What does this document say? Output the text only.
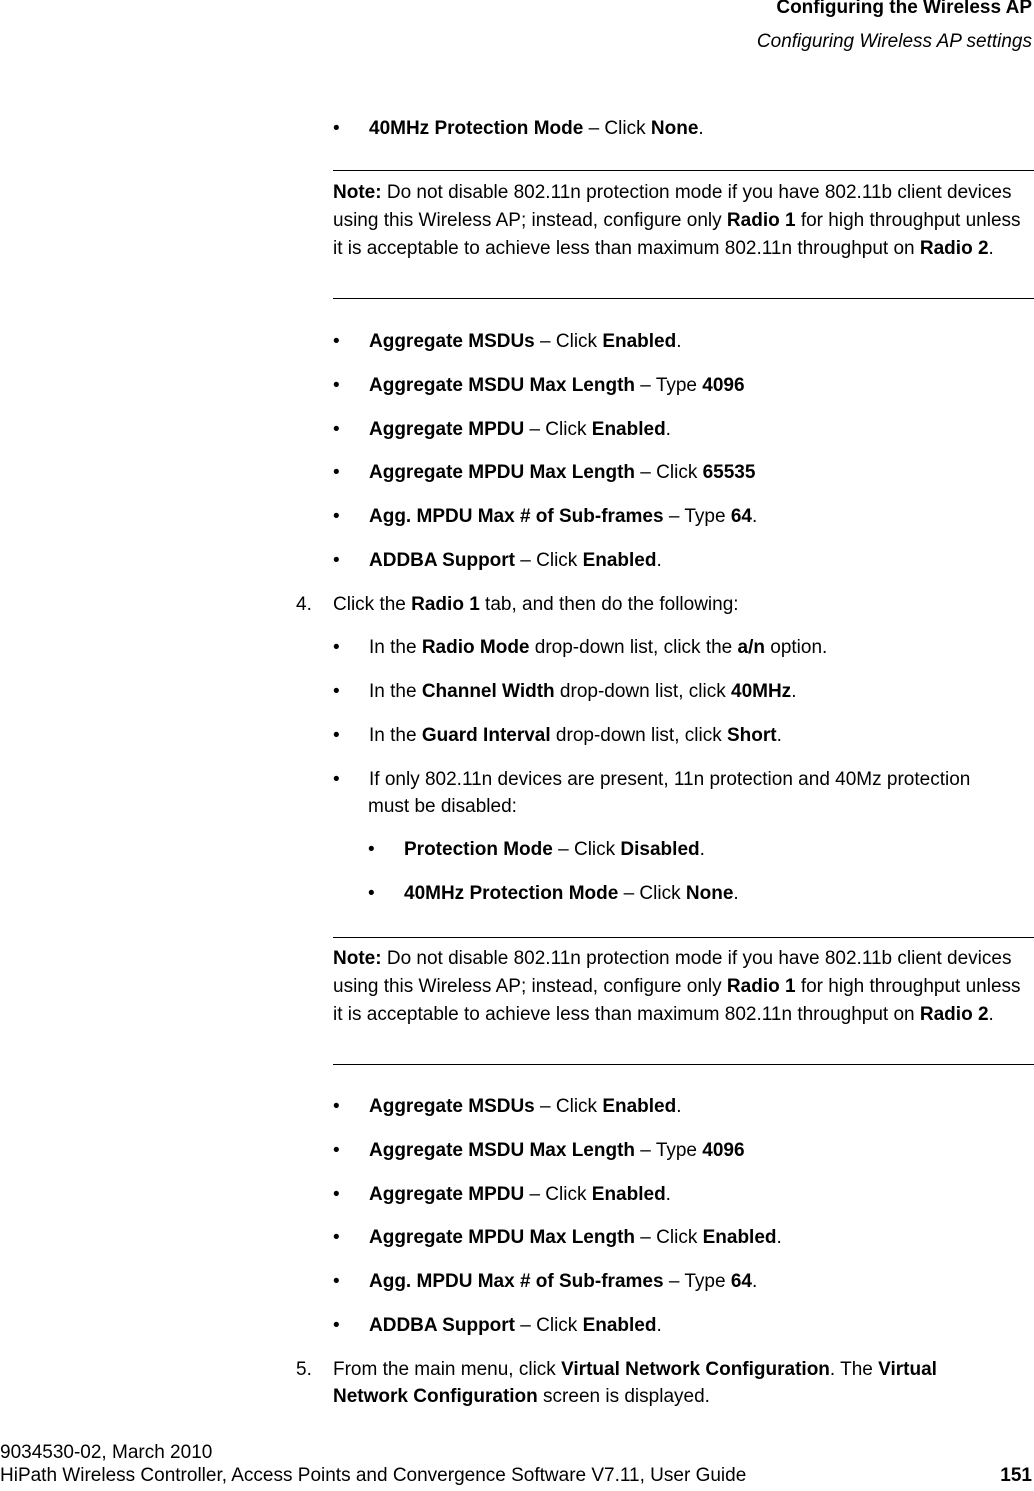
Configuring the Wireless AP
Configuring Wireless AP settings
• 40MHz Protection Mode – Click None.
Note: Do not disable 802.11n protection mode if you have 802.11b client devices using this Wireless AP; instead, configure only Radio 1 for high throughput unless it is acceptable to achieve less than maximum 802.11n throughput on Radio 2.
• Aggregate MSDUs – Click Enabled.
• Aggregate MSDU Max Length – Type 4096
• Aggregate MPDU – Click Enabled.
• Aggregate MPDU Max Length – Click 65535
• Agg. MPDU Max # of Sub-frames – Type 64.
• ADDBA Support – Click Enabled.
4. Click the Radio 1 tab, and then do the following:
• In the Radio Mode drop-down list, click the a/n option.
• In the Channel Width drop-down list, click 40MHz.
• In the Guard Interval drop-down list, click Short.
• If only 802.11n devices are present, 11n protection and 40Mz protection
must be disabled:
• Protection Mode – Click Disabled.
• 40MHz Protection Mode – Click None.
Note: Do not disable 802.11n protection mode if you have 802.11b client devices using this Wireless AP; instead, configure only Radio 1 for high throughput unless it is acceptable to achieve less than maximum 802.11n throughput on Radio 2.
• Aggregate MSDUs – Click Enabled.
• Aggregate MSDU Max Length – Type 4096
• Aggregate MPDU – Click Enabled.
• Aggregate MPDU Max Length – Click Enabled.
• Agg. MPDU Max # of Sub-frames – Type 64.
• ADDBA Support – Click Enabled.
5. From the main menu, click Virtual Network Configuration. The Virtual
Network Configuration screen is displayed.
9034530-02, March 2010
HiPath Wireless Controller, Access Points and Convergence Software V7.11, User Guide	151
